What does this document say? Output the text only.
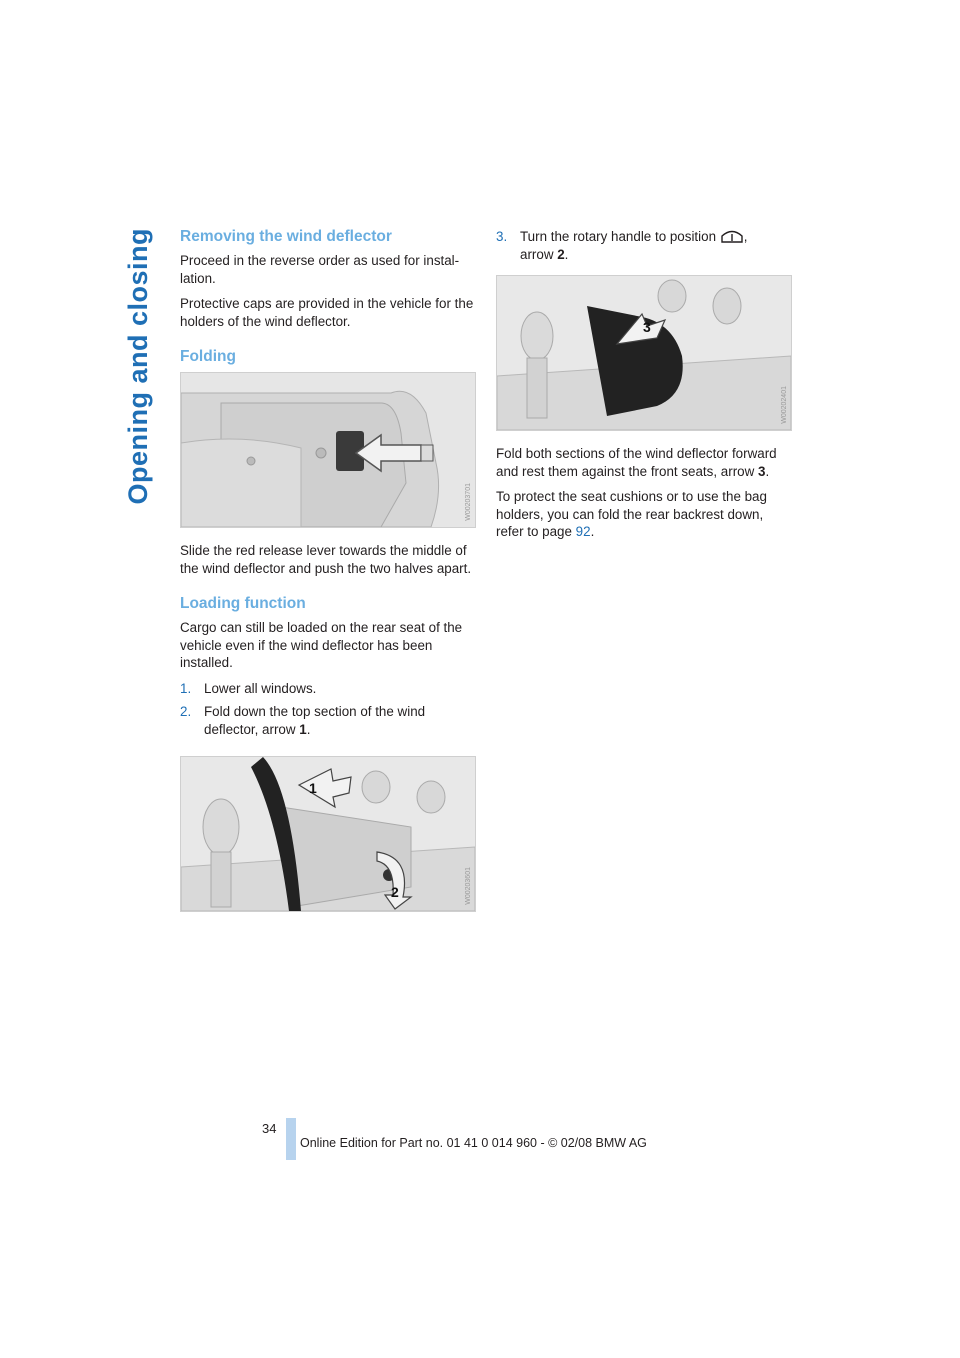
Opening and closing Removing the wind deflector

Proceed in the reverse order as used for instal-lation.

Protective caps are provided in the vehicle for the holders of the wind deflector.

Folding
W00203701

Slide the red release lever towards the middle of the wind deflector and push the two halves apart.

Loading function

Cargo can still be loaded on the rear seat of the vehicle even if the wind deflector has been installed.

1. Lower all windows.
2. Fold down the top section of the wind deflector, arrow 1.
1
2	W00203601
3. Turn the rotary handle to position ,
arrow 2.
3
W00202401

Fold both sections of the wind deflector forward and rest them against the front seats, arrow 3.

To protect the seat cushions or to use the bag holders, you can fold the rear backrest down, refer to page 92.

34
Online Edition for Part no. 01 41 0 014 960 - © 02/08 BMW AG
